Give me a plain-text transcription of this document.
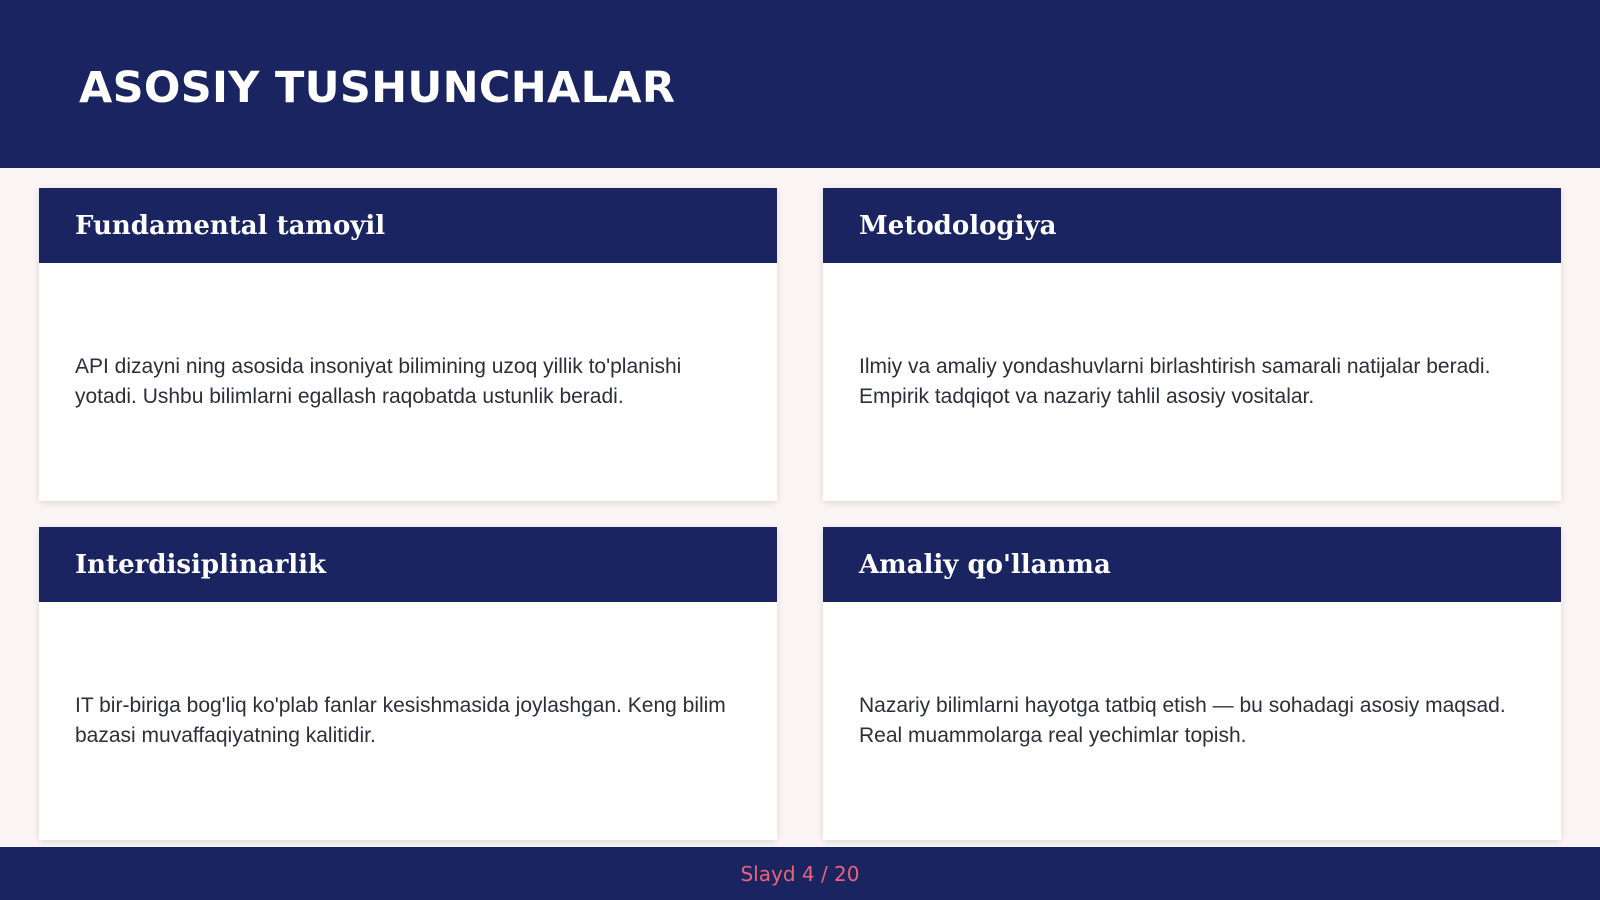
ASOSIY TUSHUNCHALAR
Fundamental tamoyil

API dizayni ning asosida insoniyat bilimining uzoq yillik to'planishi yotadi. Ushbu bilimlarni egallash raqobatda ustunlik beradi.

Metodologiya

Ilmiy va amaliy yondashuvlarni birlashtirish samarali natijalar beradi. Empirik tadqiqot va nazariy tahlil asosiy vositalar.

Interdisiplinarlik

IT bir-biriga bog'liq ko'plab fanlar kesishmasida joylashgan. Keng bilim bazasi muvaffaqiyatning kalitidir.

Amaliy qo'llanma

Nazariy bilimlarni hayotga tatbiq etish — bu sohadagi asosiy maqsad. Real muammolarga real yechimlar topish.

Slayd 4 / 20
